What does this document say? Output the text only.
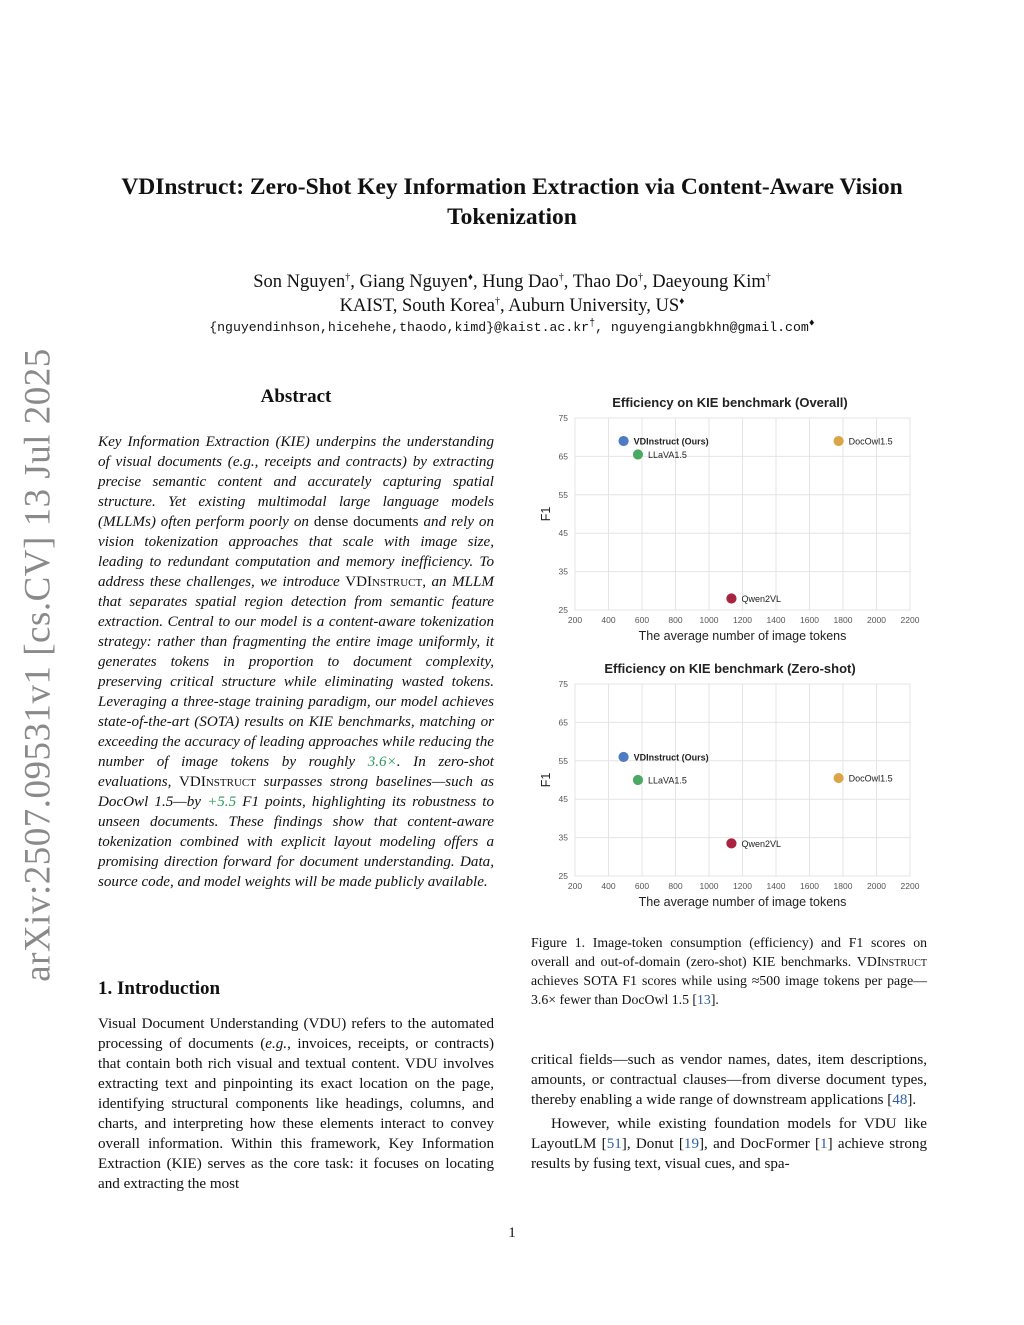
VDInstruct: Zero-Shot Key Information Extraction via Content-Aware Vision Tokenization
Son Nguyen†, Giang Nguyen♦, Hung Dao†, Thao Do†, Daeyoung Kim†
KAIST, South Korea†, Auburn University, US♦
{nguyendinhson,hicehehe,thaodo,kimd}@kaist.ac.kr†, nguyengiangbkhn@gmail.com♦
arXiv:2507.09531v1 [cs.CV] 13 Jul 2025	Abstract
Key Information Extraction (KIE) underpins the understanding of visual documents (e.g., receipts and contracts) by extracting precise semantic content and accurately capturing spatial structure. Yet existing multimodal large language models (MLLMs) often perform poorly on dense documents and rely on vision tokenization approaches that scale with image size, leading to redundant computation and memory inefficiency. To address these challenges, we introduce VDInstruct, an MLLM that separates spatial region detection from semantic feature extraction. Central to our model is a content-aware tokenization strategy: rather than fragmenting the entire image uniformly, it generates tokens in proportion to document complexity, preserving critical structure while eliminating wasted tokens. Leveraging a three-stage training paradigm, our model achieves state-of-the-art (SOTA) results on KIE benchmarks, matching or exceeding the accuracy of leading approaches while reducing the number of image tokens by roughly 3.6×. In zero-shot evaluations, VDInstruct surpasses strong baselines—such as DocOwl 1.5—by +5.5 F1 points, highlighting its robustness to unseen documents. These findings show that content-aware tokenization combined with explicit layout modeling offers a promising direction forward for document understanding. Data, source code, and model weights will be made publicly available.
1. Introduction
Visual Document Understanding (VDU) refers to the automated processing of documents (e.g., invoices, receipts, or contracts) that contain both rich visual and textual content. VDU involves extracting text and pinpointing its exact location on the page, identifying structural components like headings, columns, and charts, and interpreting how these elements interact to convey overall information. Within this framework, Key Information Extraction (KIE) serves as the core task: it focuses on locating and extracting the most

critical fields—such as vendor names, dates, item descriptions, amounts, or contractual clauses—from diverse document types, thereby enabling a wide range of downstream applications [48].

However, while existing foundation models for VDU like LayoutLM [51], Donut [19], and DocFormer [1] achieve strong results by fusing text, visual cues, and spa-

Efficiency on KIE benchmark (Overall)
200 400 600 800 1000 1200 1400 1600 1800 2000 2200
25
35
45
55
65
75
The average number of image tokens
F1
VDInstruct (Ours)
LLaVA1.5
DocOwl1.5
Qwen2VL
Efficiency on KIE benchmark (Zero-shot)
200 400 600 800 1000 1200 1400 1600 1800 2000 2200
25
35
45
55
65
75
The average number of image tokens
F1
VDInstruct (Ours)
LLaVA1.5	DocOwl1.5
Qwen2VL
Figure 1. Image-token consumption (efficiency) and F1 scores on overall and out-of-domain (zero-shot) KIE benchmarks. VDInstruct achieves SOTA F1 scores while using ≈500 image tokens per page—3.6× fewer than DocOwl 1.5 [13].
1
